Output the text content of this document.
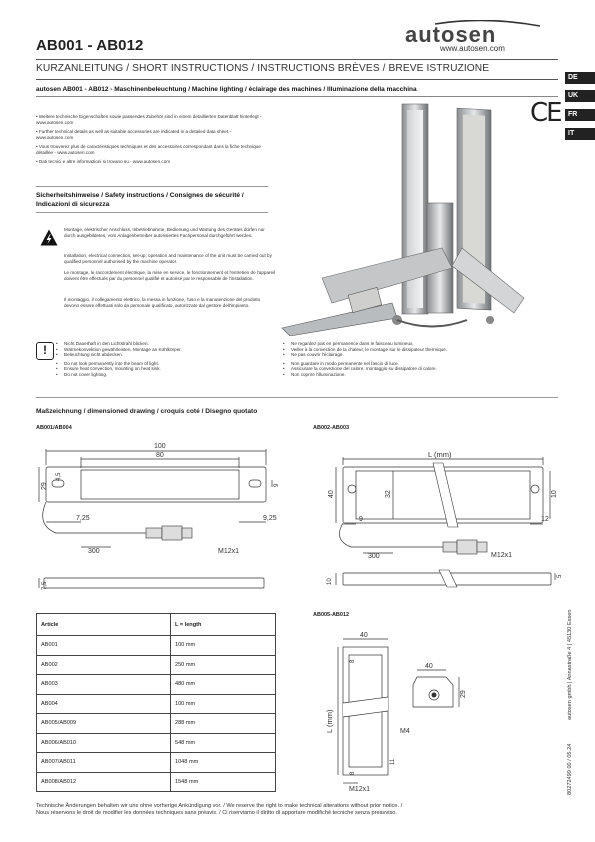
AB001 - AB012	autosen
www.autosen.com
KURZANLEITUNG / SHORT INSTRUCTIONS / INSTRUCTIONS BRÈVES / BREVE ISTRUZIONE
autosen AB001 - AB012 - Maschinenbeleuchtung / Machine lighting / éclairage des machines / Illuminazione della macchina
DE
UK
FR
IT
CE

• Weitere technische Eigenschaften sowie passendes Zubehör sind in einem detaillierten Datenblatt hinterlegt - www.autosen.com

• Further technical details as well as suitable accessories are indicated in a detailed data sheet - www.autosen.com

• Vous trouverez plus de caractéristiques techniques et des accessoires correspondant dans la fiche technique détaillée - www.autosen.com

• Dati tecnici e altre informazioni si trovano su - www.autosen.com

Sicherheitshinweise / Safety instructions / Consignes de sécurité / Indicazioni di sicurezza

Montage, elektrischer Anschluss, Inbetriebnahme, Bedienung und Wartung des Gerätes dürfen nur durch ausgebildetes, vom Anlagenbetreiber autorisiertes Fachpersonal durchgeführt werden.

Installation, electrical connection, set-up, operation and maintenance of the unit must be carried out by qualified personnel authorised by the machine operator.

Le montage, le raccordement électrique, la mise en service, le fonctionnement et l'entretien de l'appareil doivent être effectués par du personnel qualifié et autorisé par le responsable de l'installation.

Il montaggio, il collegamento elettrico, la messa in funzione, l'uso e la manutenzione del prodotto devono essere effettuati solo da personale qualificato, autorizzato dal gestore dell'impianto.

!	Nicht Dauerhaft in den Lichtstrahl blicken.
Wärmekonvektion gewährleisten, Montage an Kühlkörper.
Beleuchtung nicht abdecken.
Do not look permanently into the beam of light.
Ensure heat convection, mounting on heat sink.
Do not cover lighting.
Ne regardez pas en permanence dans le faisceau lumineux.
Veiller à la convection de la chaleur, le montage sur le dissipateur thermique.
Ne pas couvrir l'éclairage.
Non guardare in modo permanente nel fascio di luce.
Assicurare la convezione del calore, montaggio su dissipatore di calore.
Non coprire l'illuminazione.
•
•
•

•
•
•
•
•
•

•
•
•
Maßzeichnung / dimensioned drawing / croquis coté / Disegno quotato
AB001/AB004	AB002-AB003
AB005-AB012
100
80
29
4,5
9
7,25	9,25
300	M12x1
7,5
L (mm)
40	32	10
9	12
300	M12x1
10
5
40
8
L (mm)
8
11
M12x1
40
29
M4
Article	L = length
AB001	100 mm
AB002	250 mm
AB003	480 mm
AB004	100 mm
AB005/AB009	288 mm
AB006/AB010	548 mm
AB007/AB011	1048 mm
AB008/AB012	1548 mm
Technische Änderungen behalten wir uns ohne vorherige Ankündigung vor. / We reserve the right to make technical alterations without prior notice. /
Nous réservons le droit de modifier les données techniques sans préavis. / Ci riserviamo il diritto di apportare modifiché tecniche senza preavviso.
80272499 00 / 05.24
autosen gmbh | Annastraße 4 | 45130 Essen
